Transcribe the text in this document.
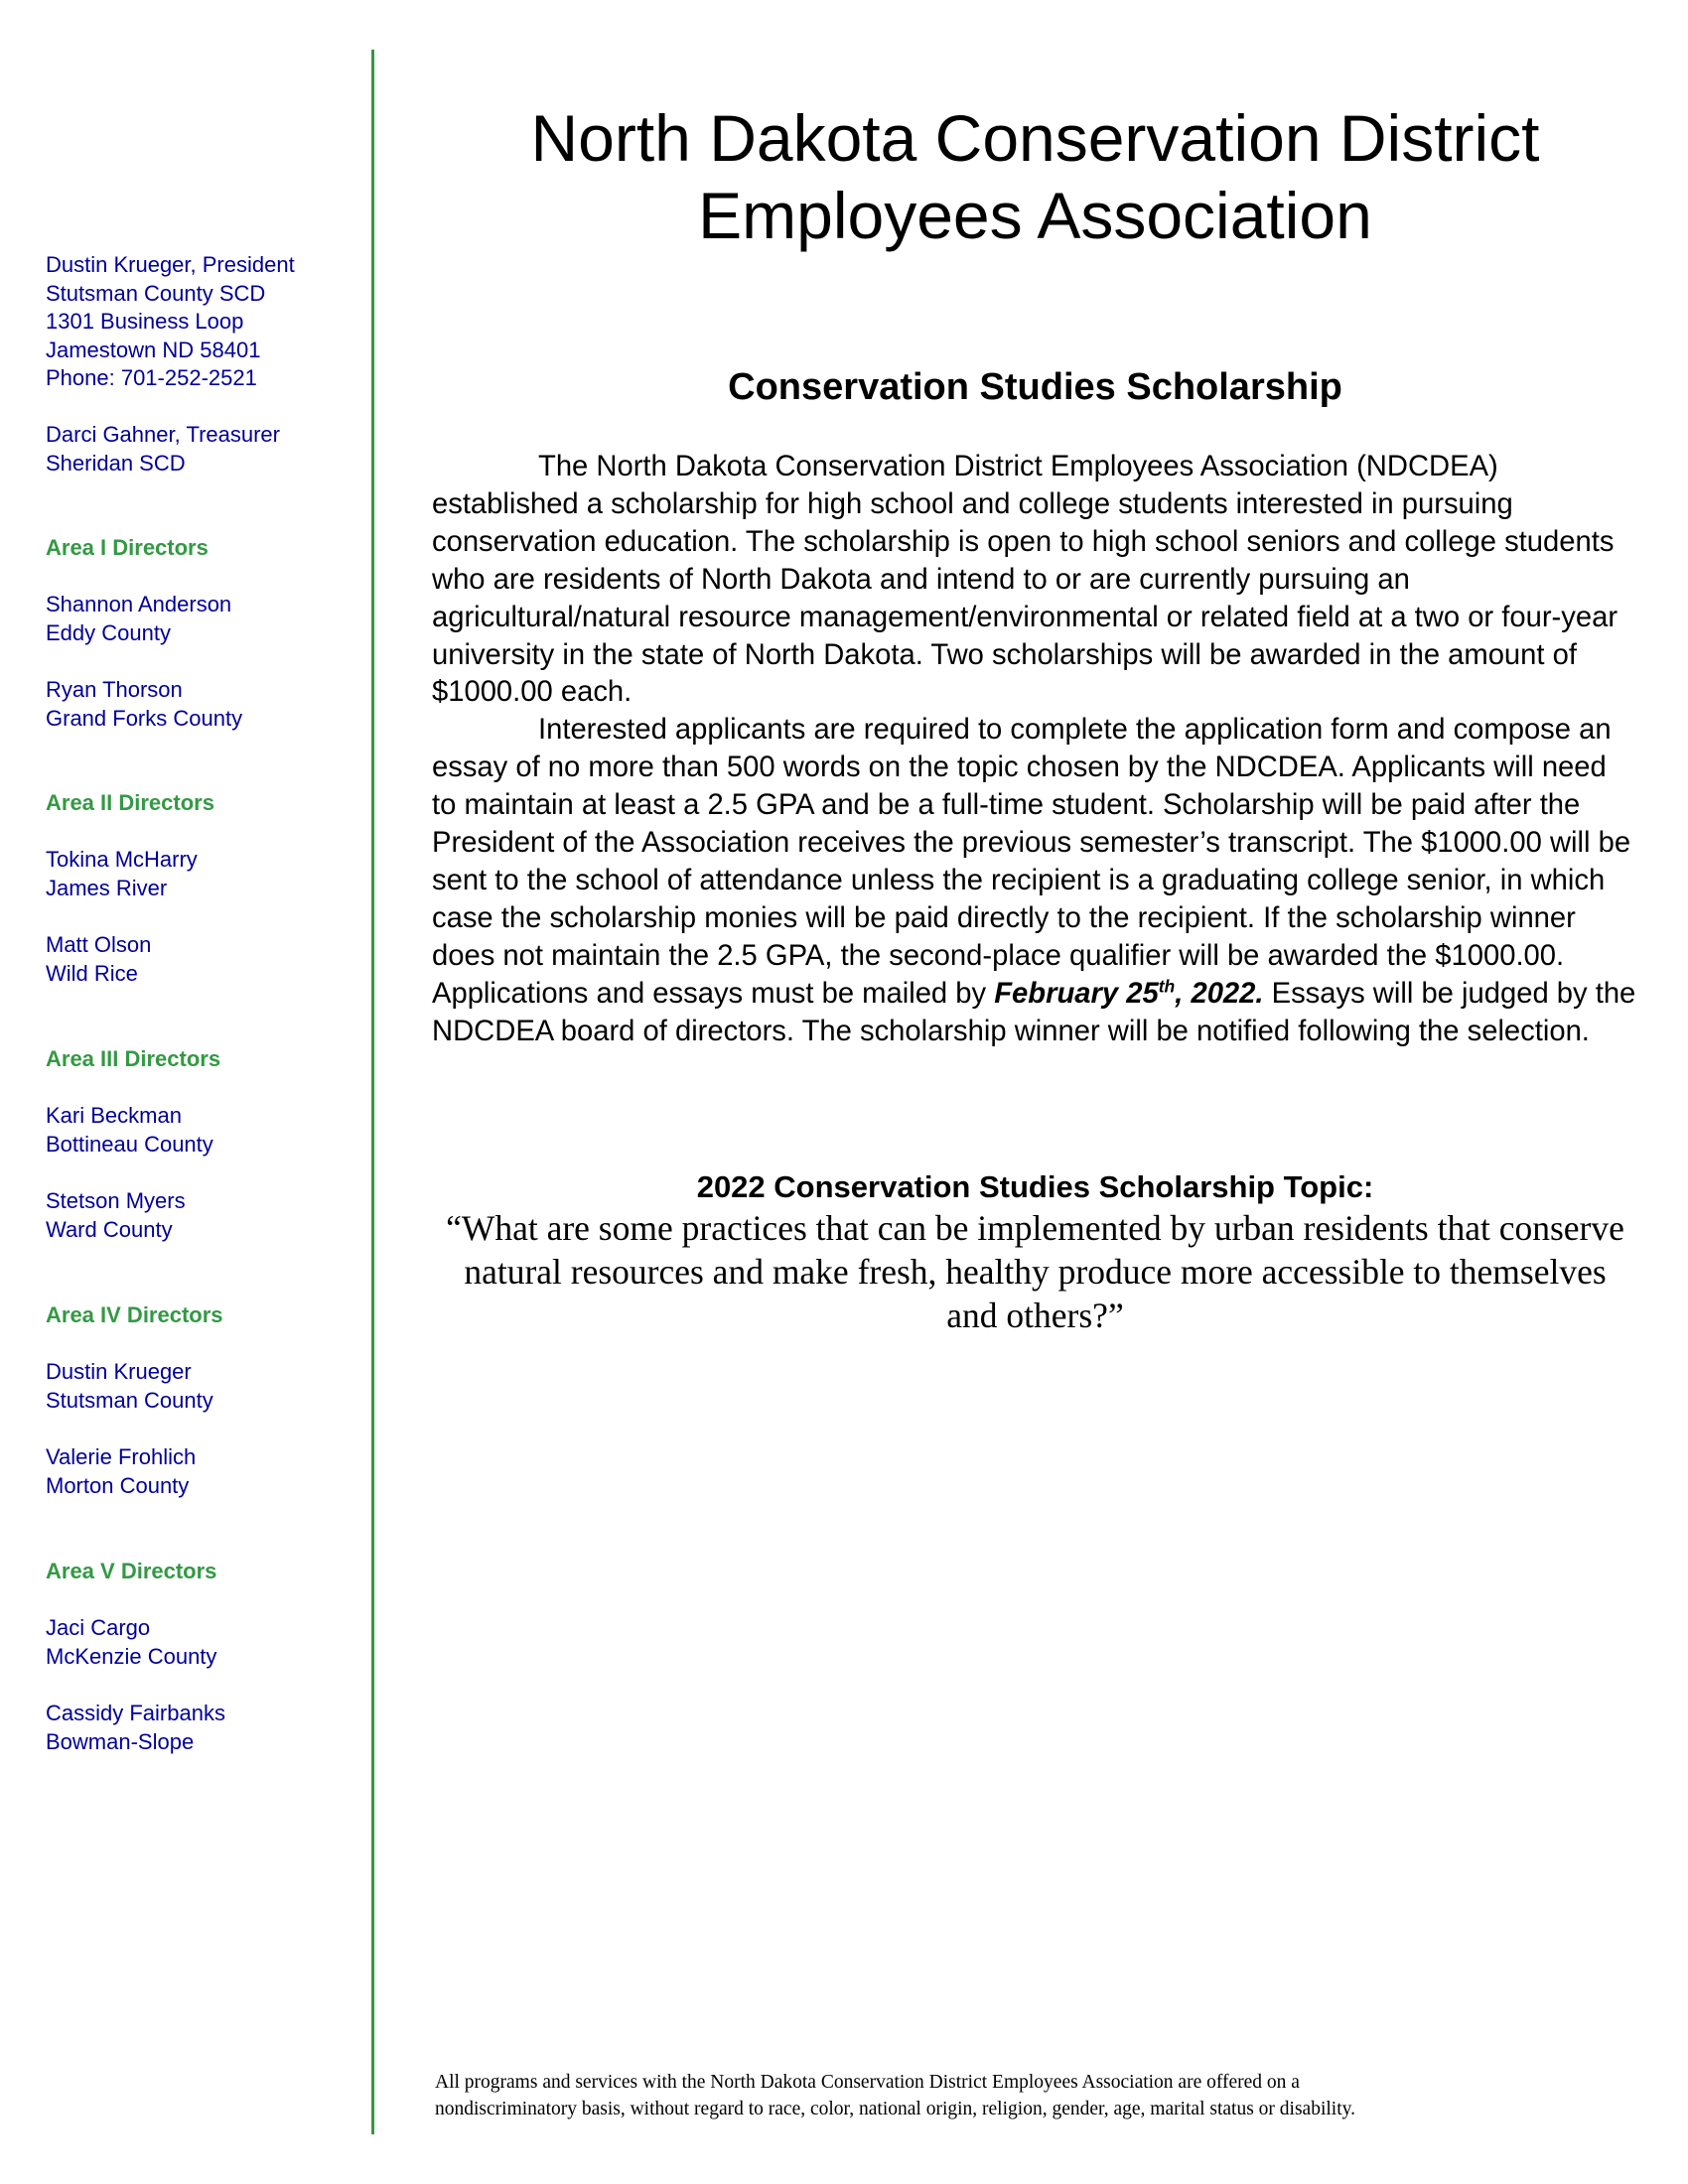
Dustin Krueger, President
Stutsman County SCD
1301 Business Loop
Jamestown ND 58401
Phone: 701-252-2521
Darci Gahner, Treasurer
Sheridan SCD
Area I Directors
Shannon Anderson
Eddy County
Ryan Thorson
Grand Forks County
Area II Directors
Tokina McHarry
James River
Matt Olson
Wild Rice
Area III Directors
Kari Beckman
Bottineau County
Stetson Myers
Ward County
Area IV Directors
Dustin Krueger
Stutsman County
Valerie Frohlich
Morton County
Area V Directors
Jaci Cargo
McKenzie County
Cassidy Fairbanks
Bowman-Slope
North Dakota Conservation District
Employees Association
Conservation Studies Scholarship

The North Dakota Conservation District Employees Association (NDCDEA) established a scholarship for high school and college students interested in pursuing conservation education. The scholarship is open to high school seniors and college students who are residents of North Dakota and intend to or are currently pursuing an agricultural/natural resource management/environmental or related field at a two or four-year university in the state of North Dakota. Two scholarships will be awarded in the amount of $1000.00 each.

Interested applicants are required to complete the application form and compose an essay of no more than 500 words on the topic chosen by the NDCDEA. Applicants will need to maintain at least a 2.5 GPA and be a full-time student. Scholarship will be paid after the President of the Association receives the previous semester’s transcript. The $1000.00 will be sent to the school of attendance unless the recipient is a graduating college senior, in which case the scholarship monies will be paid directly to the recipient. If the scholarship winner does not maintain the 2.5 GPA, the second-place qualifier will be awarded the $1000.00. Applications and essays must be mailed by February 25th, 2022. Essays will be judged by the NDCDEA board of directors. The scholarship winner will be notified following the selection.

2022 Conservation Studies Scholarship Topic:
“What are some practices that can be implemented by urban residents that conserve natural resources and make fresh, healthy produce more accessible to themselves and others?”
All programs and services with the North Dakota Conservation District Employees Association are offered on a
nondiscriminatory basis, without regard to race, color, national origin, religion, gender, age, marital status or disability.
